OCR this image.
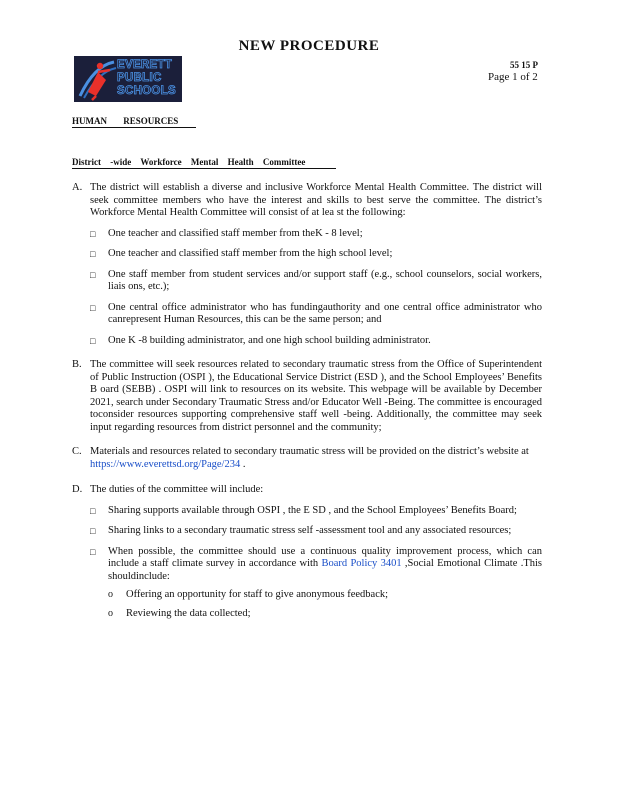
NEW PROCEDURE
EVERETT
PUBLIC
SCHOOLS
55 15 P
Page 1 of 2
HUMAN RESOURCES
District -wide Workforce Mental Health Committee
A. The district will establish a diverse and inclusive Workforce Mental Health Committee. The district will seek committee members who have the interest and skills to best serve the committee. The district’s Workforce Mental Health Committee will consist of at lea st the following:
□	One teacher and classified staff member from theK - 8 level;
□	One teacher and classified staff member from the high school level;
□	One staff member from student services and/or support staff (e.g., school counselors, social workers, liais ons, etc.);
□	One central office administrator who has fundingauthority and one central office administrator who canrepresent Human Resources, this can be the same person; and
□	One K -8 building administrator, and one high school building administrator.
B. The committee will seek resources related to secondary traumatic stress from the Office of Superintendent of Public Instruction (OSPI ), the Educational Service District (ESD ), and the School Employees’ Benefits B oard (SEBB) . OSPI will link to resources on its website. This webpage will be available by December 2021, search under Secondary Traumatic Stress and/or Educator Well -Being. The committee is encouraged toconsider resources supporting comprehensive staff well -being. Additionally, the committee may seek input regarding resources from district personnel and the community;
C. Materials and resources related to secondary traumatic stress will be provided on the district’s website at https://www.everettsd.org/Page/234 .
D. The duties of the committee will include:
□	Sharing supports available through OSPI , the E SD , and the School Employees’ Benefits Board;
□	Sharing links to a secondary traumatic stress self -assessment tool and any associated resources;
□	When possible, the committee should use a continuous quality improvement process, which can include a staff climate survey in accordance with Board Policy 3401 ,Social Emotional Climate .This shouldinclude:
o	Offering an opportunity for staff to give anonymous feedback;
o	Reviewing the data collected;
